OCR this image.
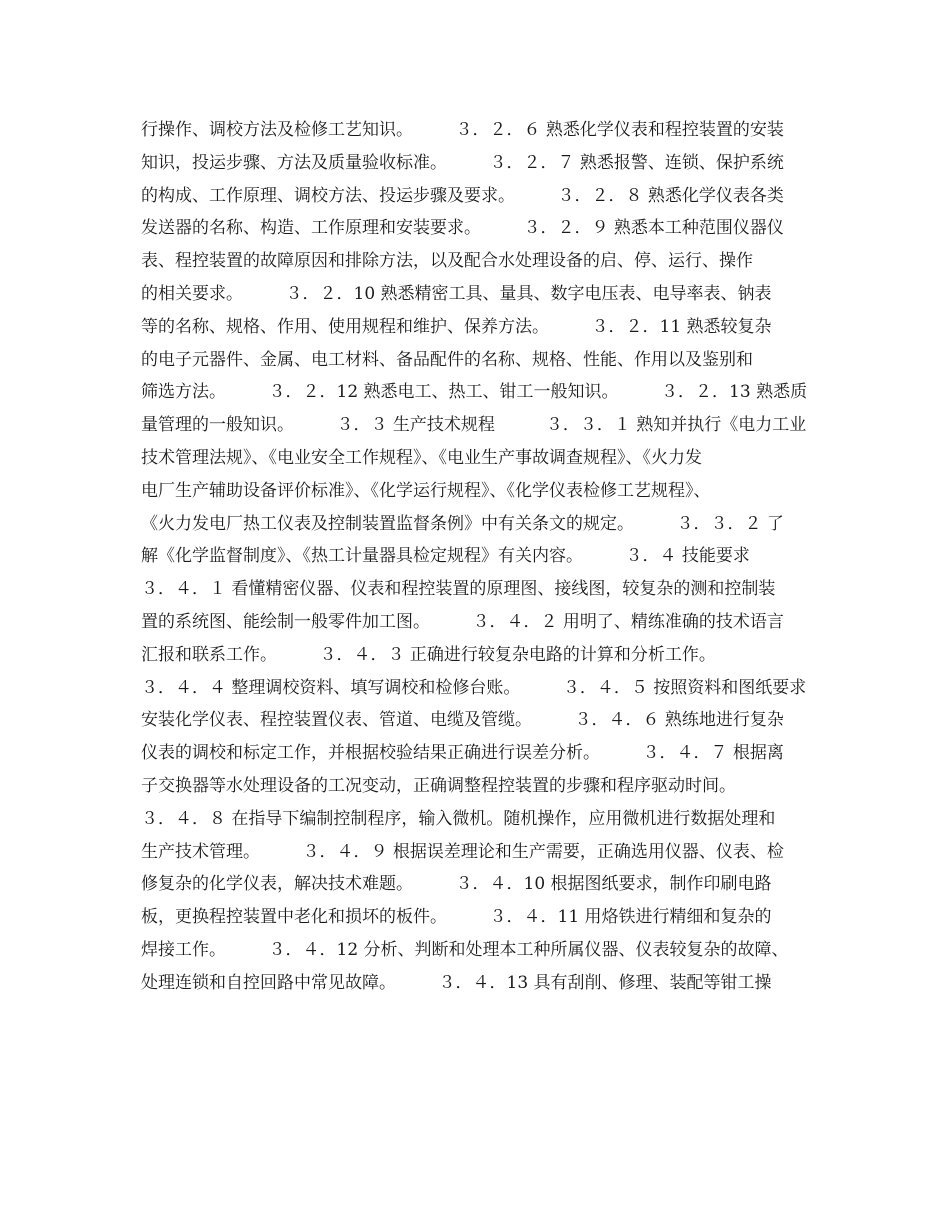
行操作、调校方法及检修工艺知识。　　　３．２．６ 熟悉化学仪表和程控装置的安装
知识，投运步骤、方法及质量验收标准。　　　３．２．７ 熟悉报警、连锁、保护系统
的构成、工作原理、调校方法、投运步骤及要求。　　　３．２．８ 熟悉化学仪表各类
发送器的名称、构造、工作原理和安装要求。　　　３．２．９ 熟悉本工种范围仪器仪
表、程控装置的故障原因和排除方法，以及配合水处理设备的启、停、运行、操作
的相关要求。　　　３．２．10 熟悉精密工具、量具、数字电压表、电导率表、钠表
等的名称、规格、作用、使用规程和维护、保养方法。　　　３．２．11 熟悉较复杂
的电子元器件、金属、电工材料、备品配件的名称、规格、性能、作用以及鉴别和
筛选方法。　　　３．２．12 熟悉电工、热工、钳工一般知识。　　　３．２．13 熟悉质
量管理的一般知识。　　　３．３ 生产技术规程　　　３．３．１ 熟知并执行《电力工业
技术管理法规》、《电业安全工作规程》、《电业生产事故调查规程》、《火力发
电厂生产辅助设备评价标准》、《化学运行规程》、《化学仪表检修工艺规程》、
《火力发电厂热工仪表及控制装置监督条例》中有关条文的规定。　　　３．３．２ 了
解《化学监督制度》、《热工计量器具检定规程》有关内容。　　　３．４ 技能要求
３．４．１ 看懂精密仪器、仪表和程控装置的原理图、接线图，较复杂的测和控制装
置的系统图、能绘制一般零件加工图。　　　３．４．２ 用明了、精练准确的技术语言
汇报和联系工作。　　　３．４．３ 正确进行较复杂电路的计算和分析工作。
３．４．４ 整理调校资料、填写调校和检修台账。　　　３．４．５ 按照资料和图纸要求
安装化学仪表、程控装置仪表、管道、电缆及管缆。　　　３．４．６ 熟练地进行复杂
仪表的调校和标定工作，并根据校验结果正确进行误差分析。　　　３．４．７ 根据离
子交换器等水处理设备的工况变动，正确调整程控装置的步骤和程序驱动时间。
３．４．８ 在指导下编制控制程序，输入微机。随机操作，应用微机进行数据处理和
生产技术管理。　　　３．４．９ 根据误差理论和生产需要，正确选用仪器、仪表、检
修复杂的化学仪表，解决技术难题。　　　３．４．10 根据图纸要求，制作印刷电路
板，更换程控装置中老化和损坏的板件。　　　３．４．11 用烙铁进行精细和复杂的
焊接工作。　　　３．４．12 分析、判断和处理本工种所属仪器、仪表较复杂的故障、
处理连锁和自控回路中常见故障。　　　３．４．13 具有刮削、修理、装配等钳工操
